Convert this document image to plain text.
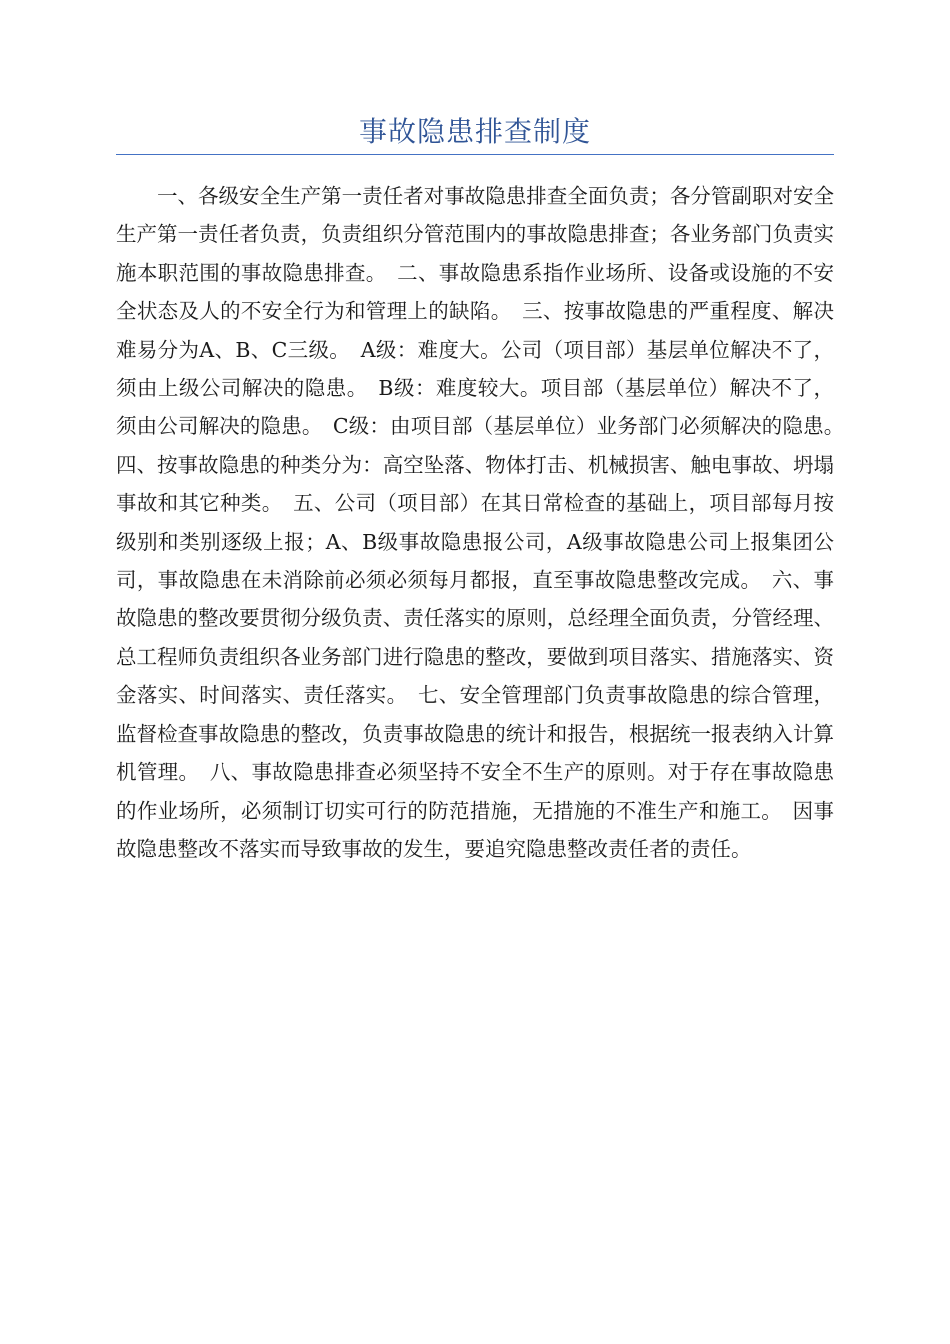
事故隐患排查制度

一、各级安全生产第一责任者对事故隐患排查全面负责；各分管副职对安全生产第一责任者负责，负责组织分管范围内的事故隐患排查；各业务部门负责实施本职范围的事故隐患排查。　二、事故隐患系指作业场所、设备或设施的不安全状态及人的不安全行为和管理上的缺陷。　三、按事故隐患的严重程度、解决难易分为A、B、C三级。　A级：难度大。公司（项目部）基层单位解决不了，须由上级公司解决的隐患。　B级：难度较大。项目部（基层单位）解决不了，须由公司解决的隐患。　C级：由项目部（基层单位）业务部门必须解决的隐患。　四、按事故隐患的种类分为：高空坠落、物体打击、机械损害、触电事故、坍塌事故和其它种类。　五、公司（项目部）在其日常检查的基础上，项目部每月按级别和类别逐级上报；A、B级事故隐患报公司，A级事故隐患公司上报集团公司，事故隐患在未消除前必须必须每月都报，直至事故隐患整改完成。　六、事故隐患的整改要贯彻分级负责、责任落实的原则，总经理全面负责，分管经理、总工程师负责组织各业务部门进行隐患的整改，要做到项目落实、措施落实、资金落实、时间落实、责任落实。　七、安全管理部门负责事故隐患的综合管理，监督检查事故隐患的整改，负责事故隐患的统计和报告，根据统一报表纳入计算机管理。　八、事故隐患排查必须坚持不安全不生产的原则。对于存在事故隐患的作业场所，必须制订切实可行的防范措施，无措施的不准生产和施工。　因事故隐患整改不落实而导致事故的发生，要追究隐患整改责任者的责任。
